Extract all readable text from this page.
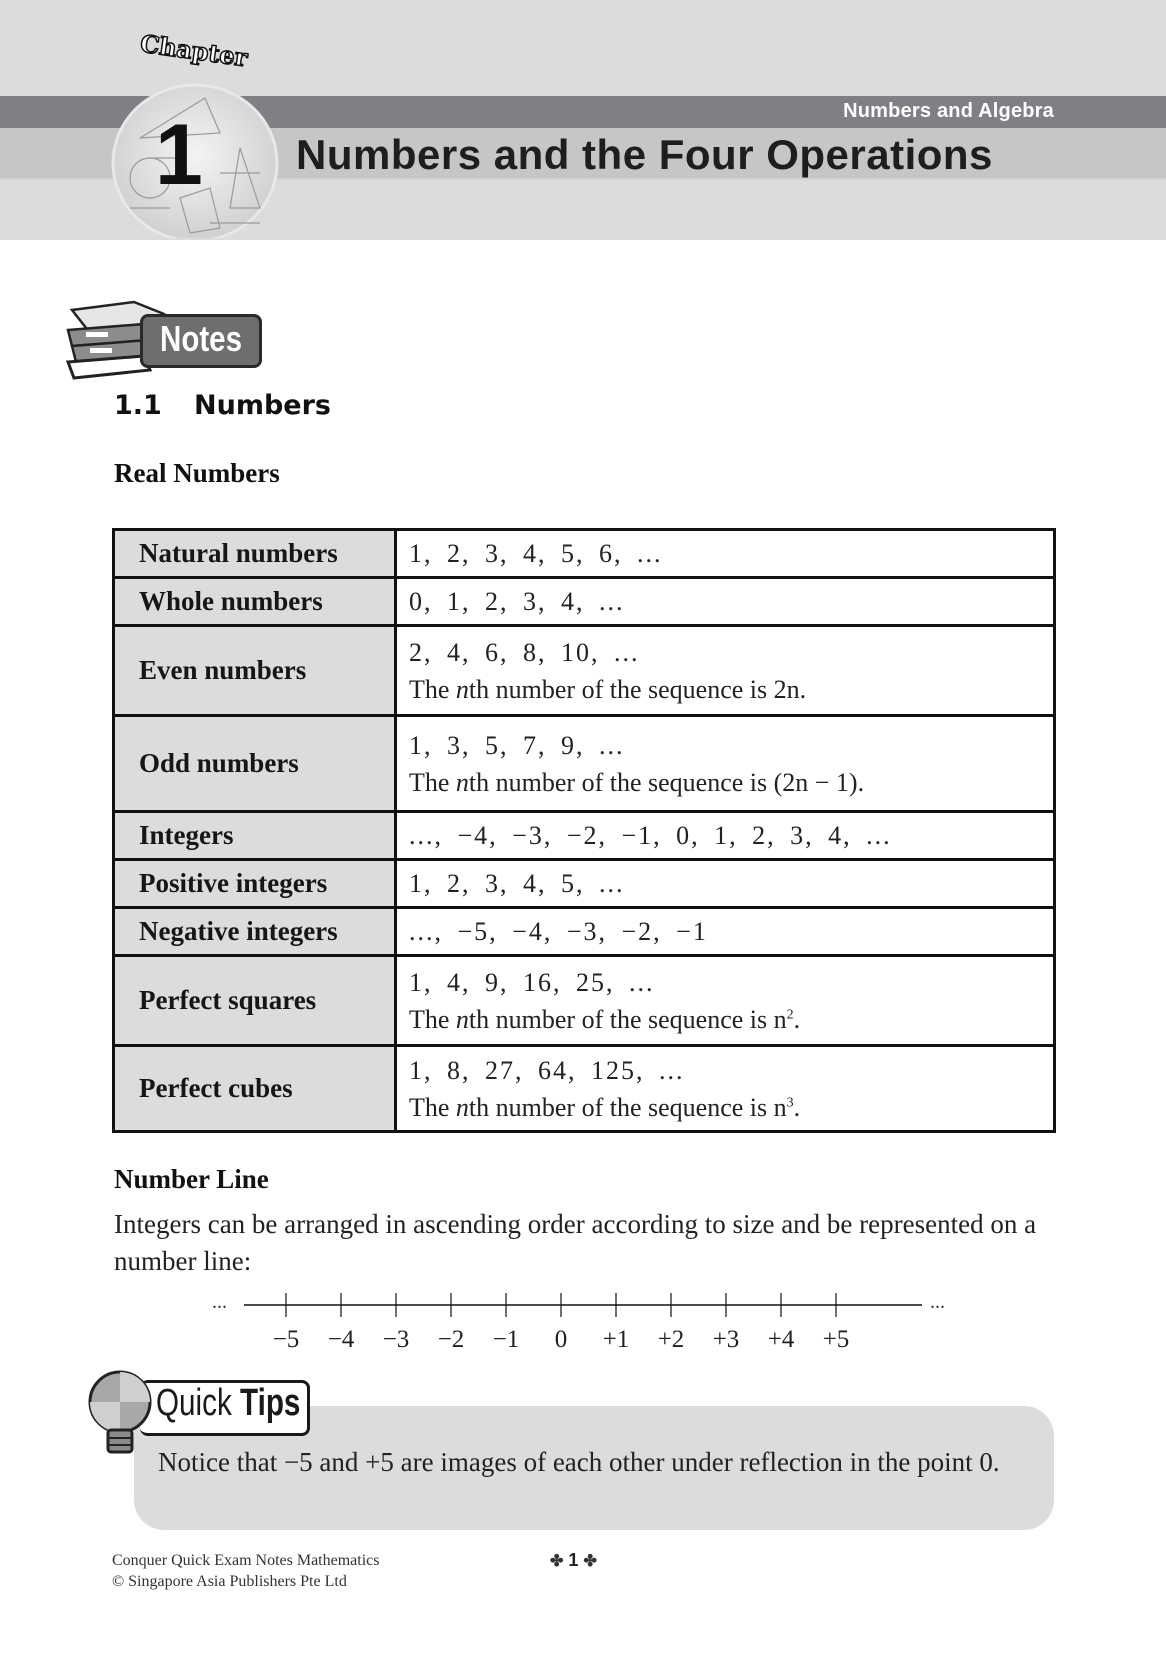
Numbers and Algebra
Numbers and the Four Operations
Chapter
1
Notes
1.1 Numbers
Real Numbers
Natural numbers	1, 2, 3, 4, 5, 6, ...

Whole numbers	0, 1, 2, 3, 4, ...

Even numbers	2, 4, 6, 8, 10, ...
The nth number of the sequence is 2n.

Odd numbers	1, 3, 5, 7, 9, ...
The nth number of the sequence is (2n − 1).

Integers	..., −4, −3, −2, −1, 0, 1, 2, 3, 4, ...

Positive integers	1, 2, 3, 4, 5, ...

Negative integers	..., −5, −4, −3, −2, −1

Perfect squares	1, 4, 9, 16, 25, ...
The nth number of the sequence is $n^2$.

Perfect cubes	1, 8, 27, 64, 125, ...
The nth number of the sequence is $n^3$.
Number Line
Integers can be arranged in ascending order according to size and be represented on a number line:
...	...
−5 −4 −3 −2 −1 0 +1 +2 +3 +4 +5
Quick Tips
Notice that −5 and +5 are images of each other under reflection in the point 0.
Conquer Quick Exam Notes Mathematics
© Singapore Asia Publishers Pte Ltd
✤ 1 ✤
